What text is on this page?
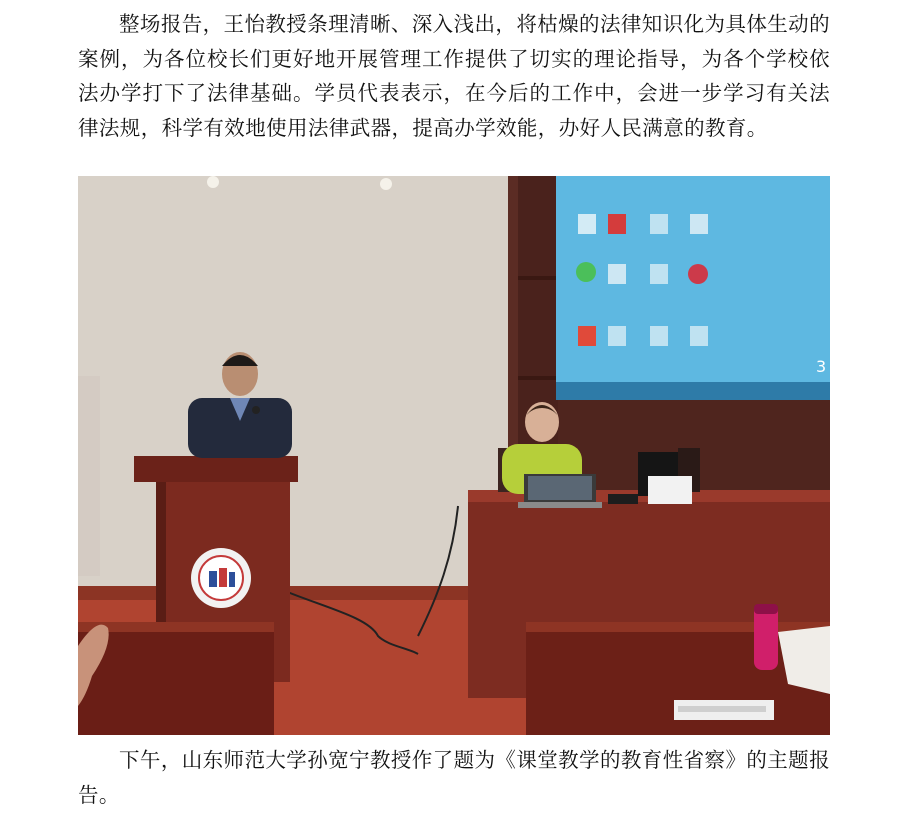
整场报告，王怡教授条理清晰、深入浅出，将枯燥的法律知识化为具体生动的案例，为各位校长们更好地开展管理工作提供了切实的理论指导，为各个学校依法办学打下了法律基础。学员代表表示，在今后的工作中，会进一步学习有关法律法规，科学有效地使用法律武器，提高办学效能，办好人民满意的教育。

3

下午，山东师范大学孙宽宁教授作了题为《课堂教学的教育性省察》的主题报告。
